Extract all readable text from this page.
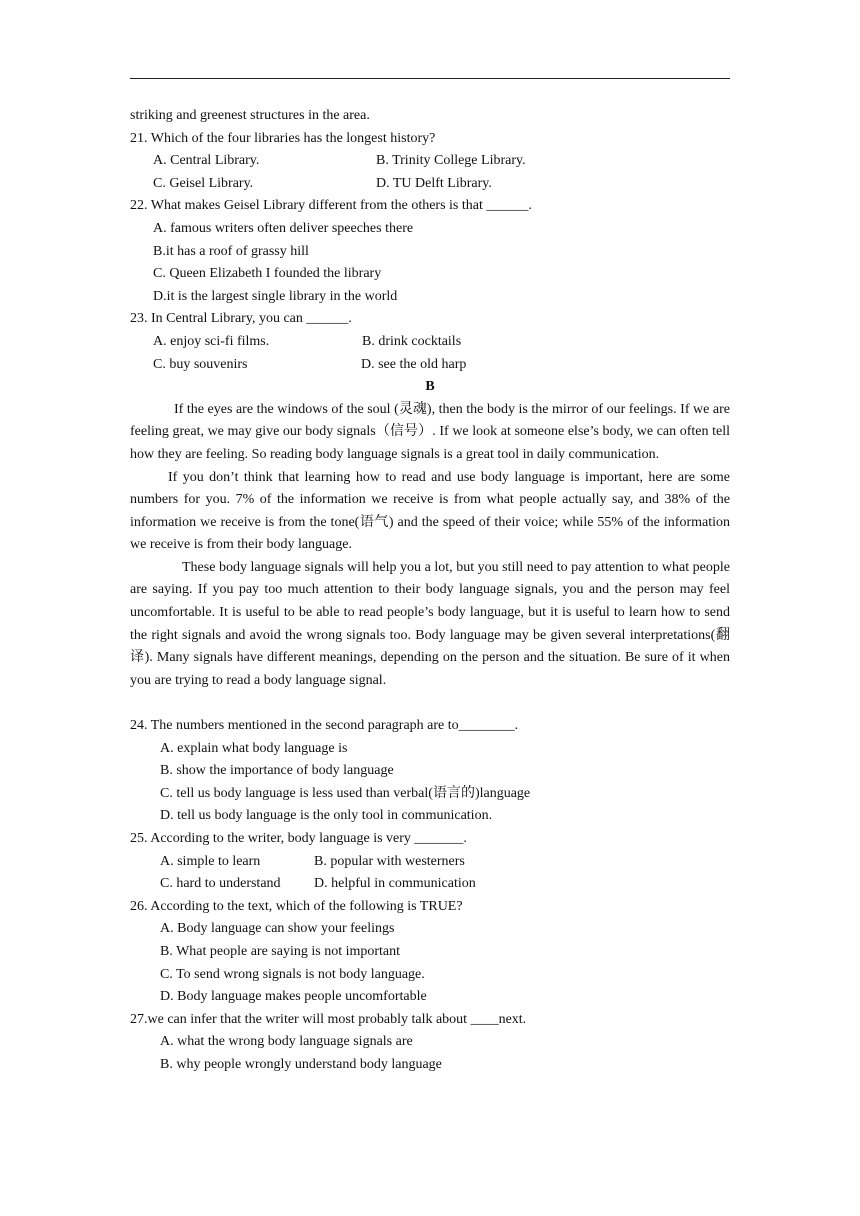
striking and greenest structures in the area.
21. Which of the four libraries has the longest history?
A. Central Library.	B. Trinity College Library.
C. Geisel Library.	D. TU Delft Library.
22. What makes Geisel Library different from the others is that ______.
A. famous writers often deliver speeches there
B.it has a roof of grassy hill
C. Queen Elizabeth I founded the library
D.it is the largest single library in the world
23. In Central Library, you can ______.
A. enjoy sci-fi films.	B. drink cocktails
C. buy souvenirs	D. see the old harp
B

If the eyes are the windows of the soul (灵魂), then the body is the mirror of our feelings. If we are feeling great, we may give our body signals（信号）. If we look at someone else’s body, we can often tell how they are feeling. So reading body language signals is a great tool in daily communication.

If you don’t think that learning how to read and use body language is important, here are some numbers for you. 7% of the information we receive is from what people actually say, and 38% of the information we receive is from the tone(语气) and the speed of their voice; while 55% of the information we receive is from their body language.

These body language signals will help you a lot, but you still need to pay attention to what people are saying. If you pay too much attention to their body language signals, you and the person may feel uncomfortable. It is useful to be able to read people’s body language, but it is useful to learn how to send the right signals and avoid the wrong signals too. Body language may be given several interpretations(翻译). Many signals have different meanings, depending on the person and the situation. Be sure of it when you are trying to read a body language signal.

24. The numbers mentioned in the second paragraph are to________.
A. explain what body language is
B. show the importance of body language
C. tell us body language is less used than verbal(语言的)language
D. tell us body language is the only tool in communication.
25. According to the writer, body language is very _______.
A. simple to learn	B. popular with westerners
C. hard to understand	D. helpful in communication
26. According to the text, which of the following is TRUE?
A. Body language can show your feelings
B. What people are saying is not important
C. To send wrong signals is not body language.
D. Body language makes people uncomfortable
27.we can infer that the writer will most probably talk about ____next.
A. what the wrong body language signals are
B. why people wrongly understand body language
